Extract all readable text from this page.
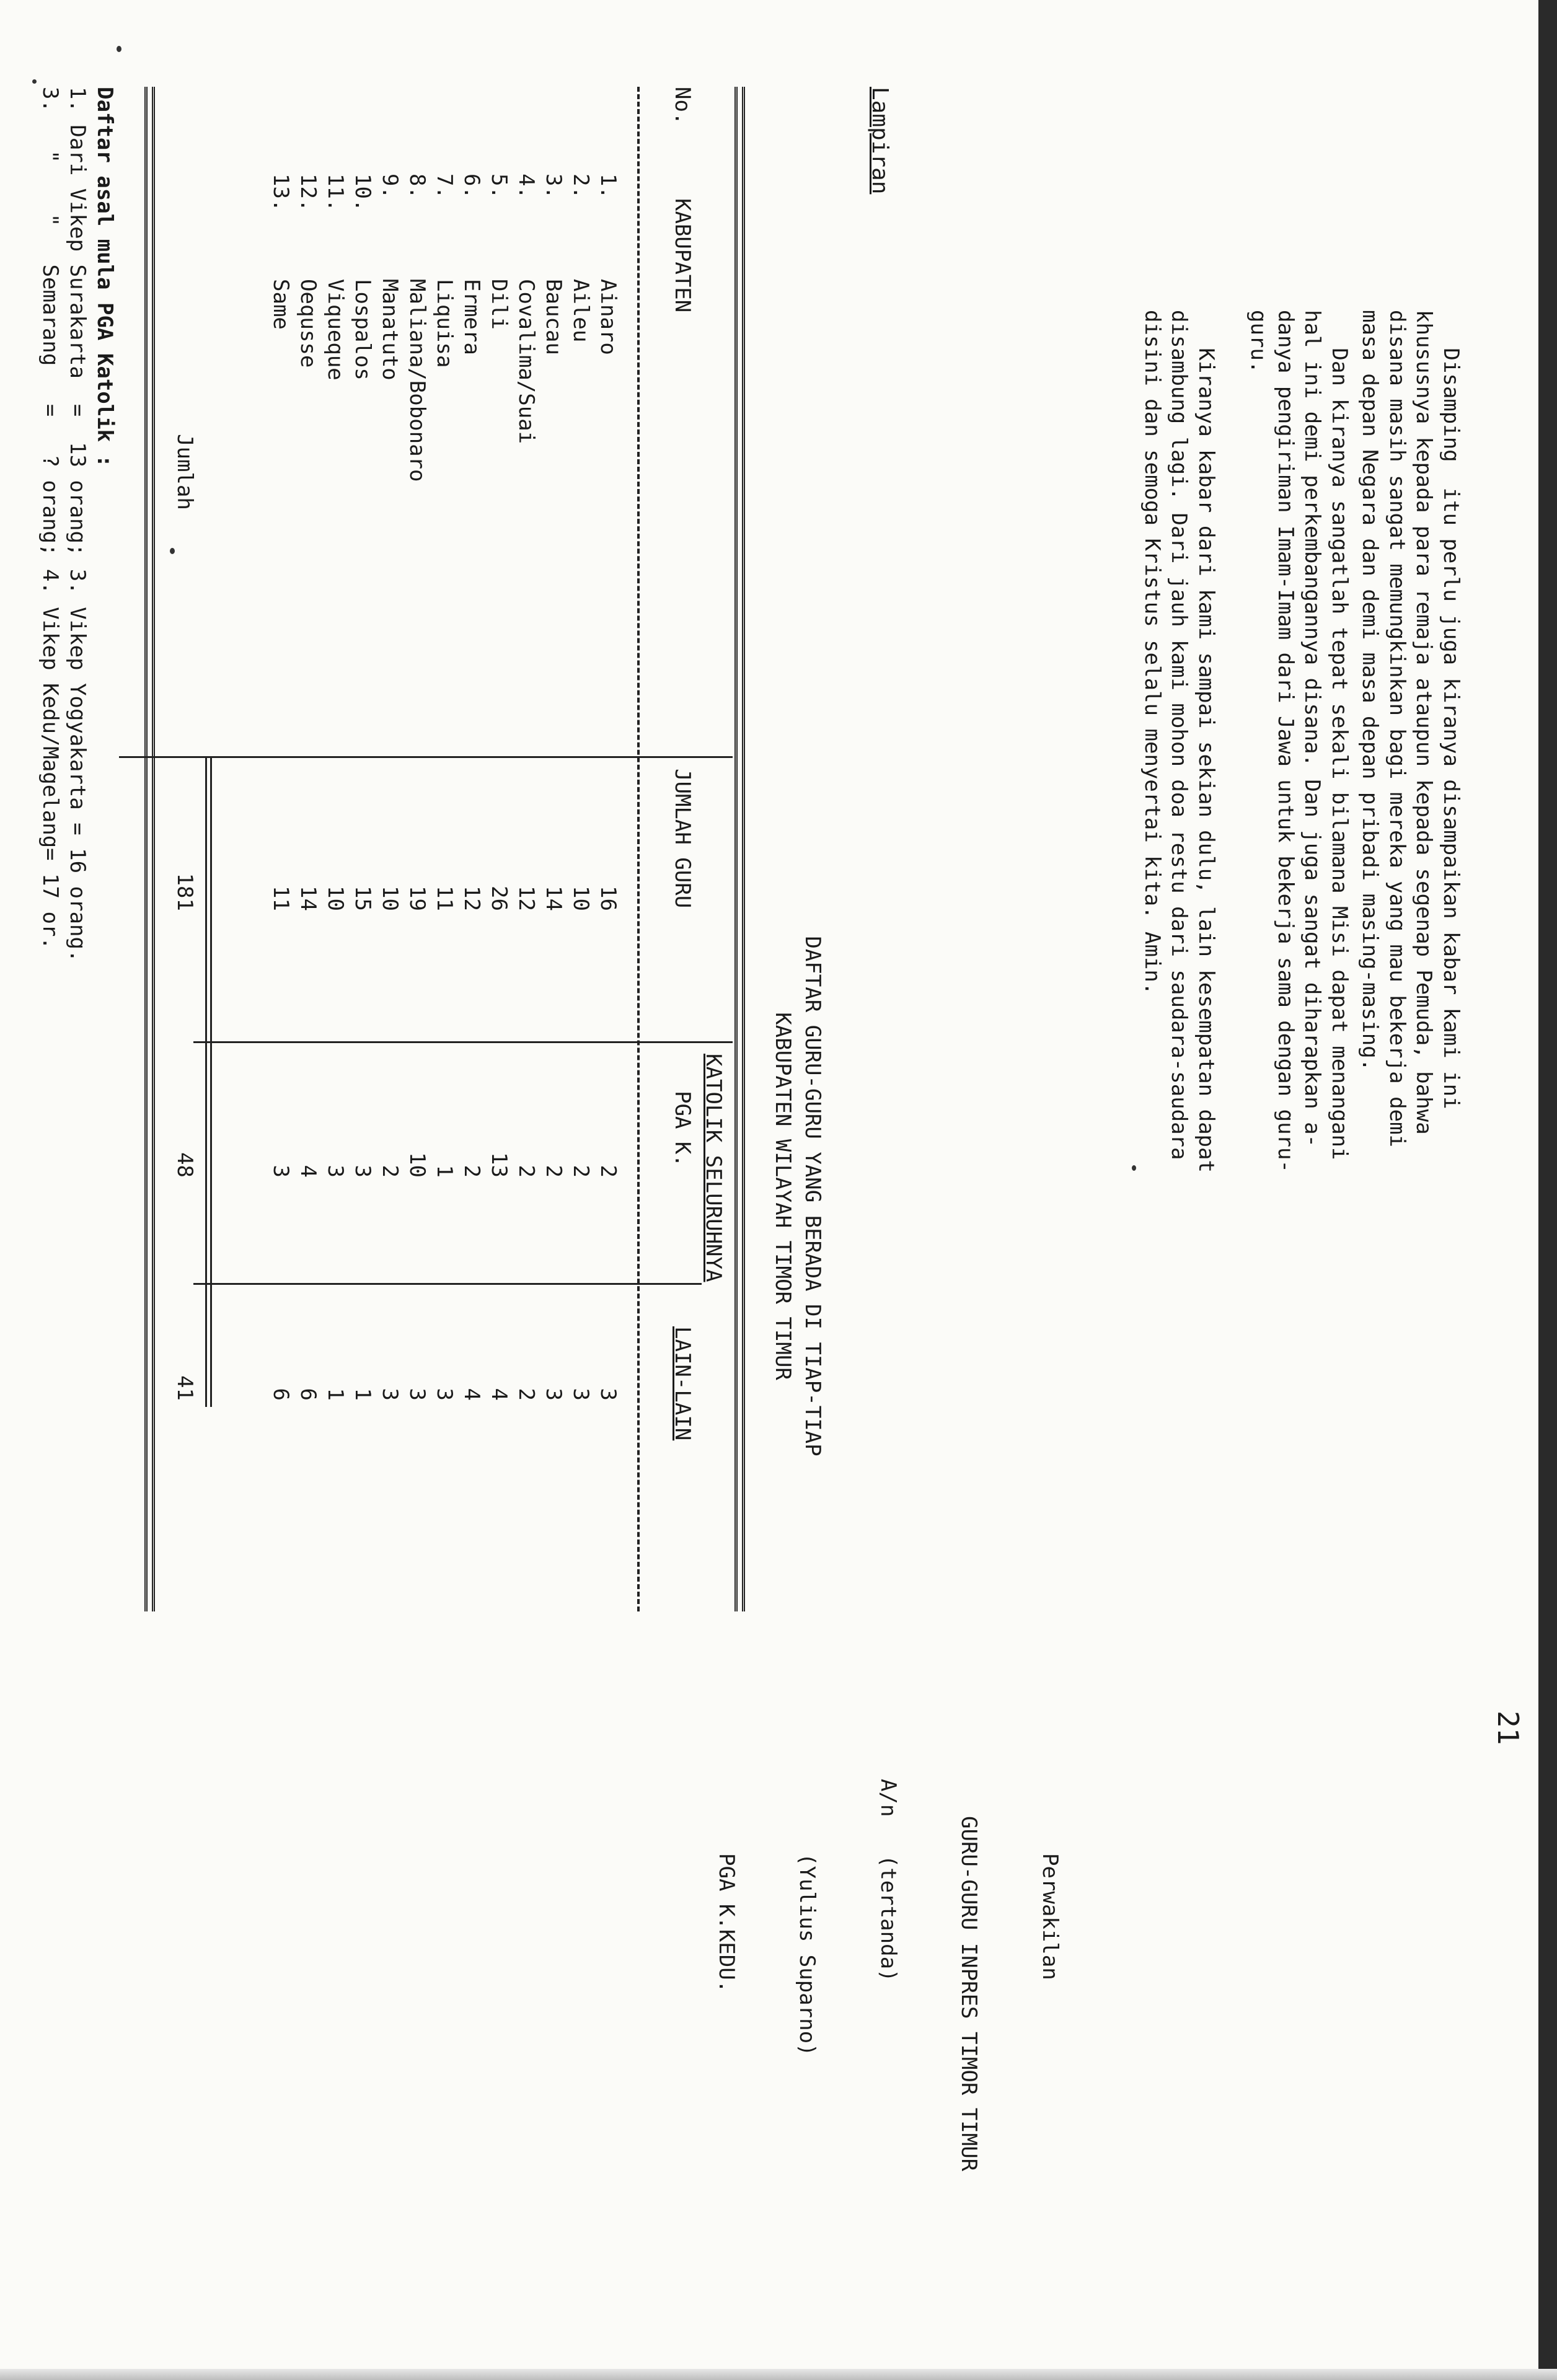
21
Disamping  itu perlu juga kiranya disampaikan kabar kami ini
khususnya kepada para remaja ataupun kepada segenap Pemuda, bahwa
disana masih sangat memungkinkan bagi mereka yang mau bekerja demi
masa depan Negara dan demi masa depan pribadi masing-masing.
Dan kiranya sangatlah tepat sekali bilamana Misi dapat menangani
hal ini demi perkembangannya disana. Dan juga sangat diharapkan a-
danya pengiriman Imam-Imam dari Jawa untuk bekerja sama dengan guru-
guru.
Kiranya kabar dari kami sampai sekian dulu, lain kesempatan dapat
disambung lagi. Dari jauh kami mohon doa restu dari saudara-saudara
disini dan semoga Kristus selalu menyertai kita. Amin.

Perwakilan

GURU-GURU INPRES TIMOR TIMUR

A/n   (tertanda)

(Yulius Suparno)

PGA K.KEDU.

Lampiran
DAFTAR GURU-GURU YANG BERADA DI TIAP-TIAP
KABUPATEN WILAYAH TIMOR TIMUR
No.
KABUPATEN
JUMLAH GURU
KATOLIK SELURUHNYA
PGA K.
LAIN-LAIN
1.
Ainaro
16
2
3
2.
Aileu
10
2
3
3.
Baucau
14
2
3
4.
Covalima/Suai
12
2
2
5.
Dili
26
13
4
6.
Ermera
12
2
4
7.
Liquisa
11
1
3
8.
Maliana/Bobonaro
19
10
3
9.
Manatuto
10
2
3
10.
Lospalos
15
3
1
11.
Viqueque
10
3
1
12.
Oequsse
14
4
6
13.
Same
11
3
6
Jumlah
181
48
41
Daftar asal mula PGA Katolik :
1. Dari Vikep Surakarta  =  13 orang; 3. Vikep Yogyakarta = 16 orang.
3.   "    "   Semarang   =   ? orang; 4. Vikep Kedu/Magelang= 17 or.
